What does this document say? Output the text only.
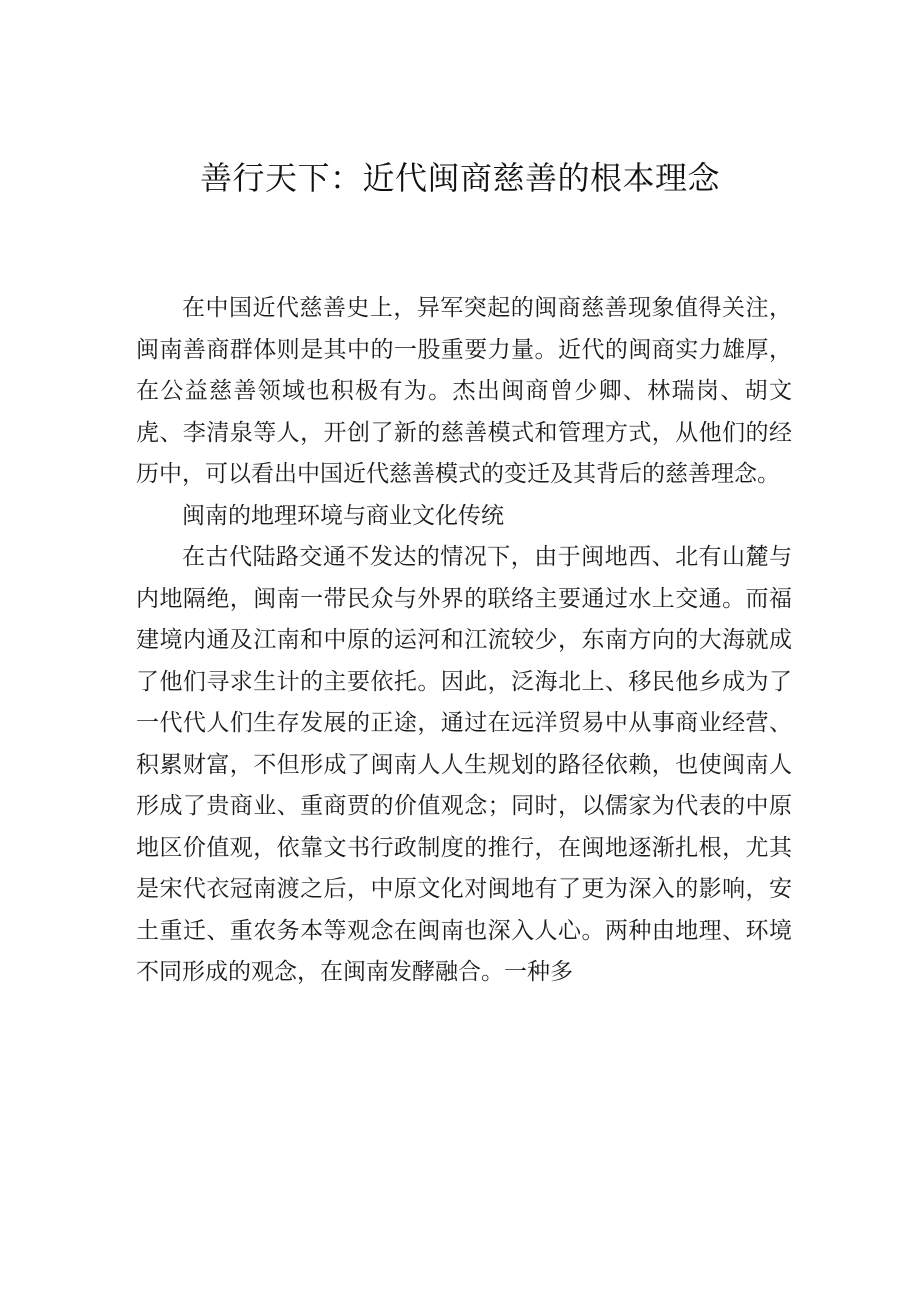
善行天下：近代闽商慈善的根本理念

在中国近代慈善史上，异军突起的闽商慈善现象值得关注，闽南善商群体则是其中的一股重要力量。近代的闽商实力雄厚，在公益慈善领域也积极有为。杰出闽商曾少卿、林瑞岗、胡文虎、李清泉等人，开创了新的慈善模式和管理方式，从他们的经历中，可以看出中国近代慈善模式的变迁及其背后的慈善理念。

闽南的地理环境与商业文化传统

在古代陆路交通不发达的情况下，由于闽地西、北有山麓与内地隔绝，闽南一带民众与外界的联络主要通过水上交通。而福建境内通及江南和中原的运河和江流较少，东南方向的大海就成了他们寻求生计的主要依托。因此，泛海北上、移民他乡成为了一代代人们生存发展的正途，通过在远洋贸易中从事商业经营、积累财富，不但形成了闽南人人生规划的路径依赖，也使闽南人形成了贵商业、重商贾的价值观念；同时，以儒家为代表的中原地区价值观，依靠文书行政制度的推行，在闽地逐渐扎根，尤其是宋代衣冠南渡之后，中原文化对闽地有了更为深入的影响，安土重迁、重农务本等观念在闽南也深入人心。两种由地理、环境不同形成的观念，在闽南发酵融合。一种多
